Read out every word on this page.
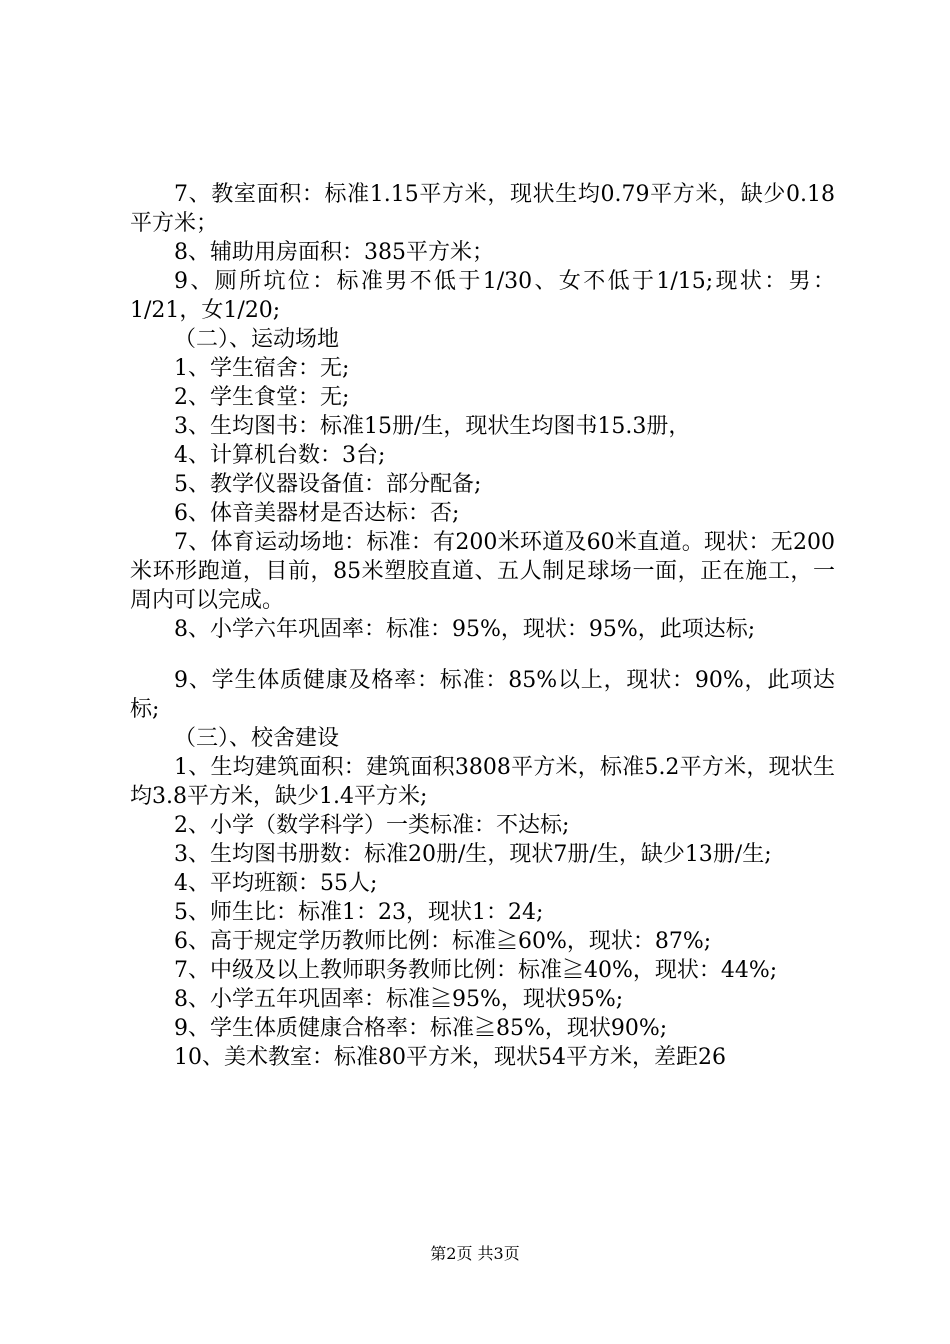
7、教室面积：标准1.15平方米，现状生均0.79平方米，缺少0.18平方米；

8、辅助用房面积：385平方米；

9、厕所坑位：标准男不低于1/30、女不低于1/15;现状：男：1/21，女1/20;

（二）、运动场地

1、学生宿舍：无;

2、学生食堂：无;

3、生均图书：标准15册/生，现状生均图书15.3册，

4、计算机台数：3台;

5、教学仪器设备值：部分配备;

6、体音美器材是否达标：否;

7、体育运动场地：标准：有200米环道及60米直道。现状：无200米环形跑道，目前，85米塑胶直道、五人制足球场一面，正在施工，一周内可以完成。

8、小学六年巩固率：标准：95%，现状：95%，此项达标;

9、学生体质健康及格率：标准：85%以上，现状：90%，此项达标;

（三）、校舍建设

1、生均建筑面积：建筑面积3808平方米，标准5.2平方米，现状生均3.8平方米，缺少1.4平方米;

2、小学（数学科学）一类标准：不达标;

3、生均图书册数：标准20册/生，现状7册/生，缺少13册/生;

4、平均班额：55人;

5、师生比：标准1：23，现状1：24;

6、高于规定学历教师比例：标准≧60%，现状：87%;

7、中级及以上教师职务教师比例：标准≧40%，现状：44%;

8、小学五年巩固率：标准≧95%，现状95%;

9、学生体质健康合格率：标准≧85%，现状90%;

10、美术教室：标准80平方米，现状54平方米，差距26

第2页 共3页
